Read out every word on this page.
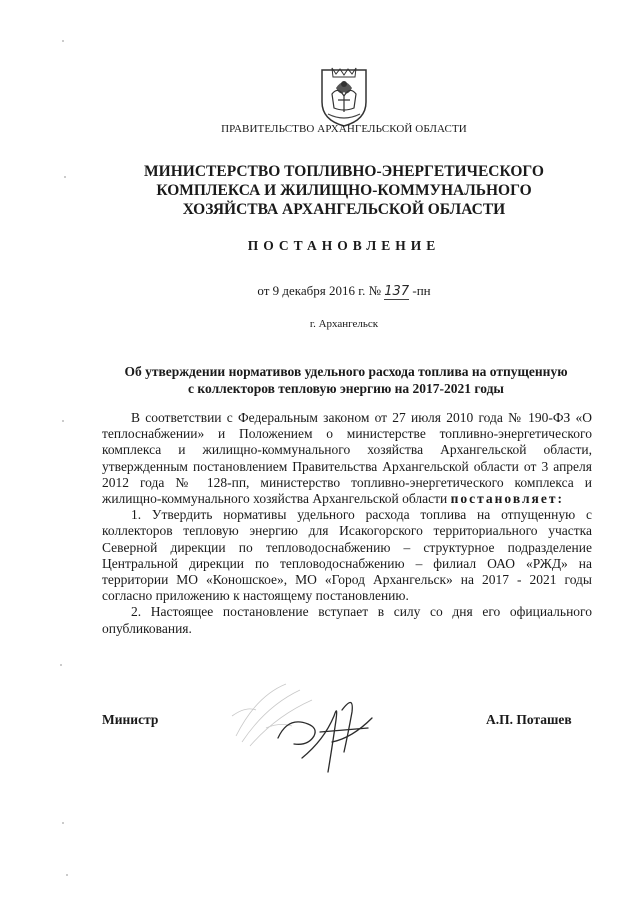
ПРАВИТЕЛЬСТВО АРХАНГЕЛЬСКОЙ ОБЛАСТИ
МИНИСТЕРСТВО ТОПЛИВНО-ЭНЕРГЕТИЧЕСКОГО
КОМПЛЕКСА И ЖИЛИЩНО-КОММУНАЛЬНОГО
ХОЗЯЙСТВА АРХАНГЕЛЬСКОЙ ОБЛАСТИ
ПОСТАНОВЛЕНИЕ
от 9 декабря 2016 г. № 137 -пн
г. Архангельск
Об утверждении нормативов удельного расхода топлива на отпущенную
с коллекторов тепловую энергию на 2017-2021 годы

В соответствии с Федеральным законом от 27 июля 2010 года № 190-ФЗ «О теплоснабжении» и Положением о министерстве топливно-энергетического комплекса и жилищно-коммунального хозяйства Архангельской области, утвержденным постановлением Правительства Архангельской области от 3 апреля 2012 года № 128-пп, министерство топливно-энергетического комплекса и жилищно-коммунального хозяйства Архангельской области постановляет:

1. Утвердить нормативы удельного расхода топлива на отпущенную с коллекторов тепловую энергию для Исакогорского территориального участка Северной дирекции по тепловодоснабжению – структурное подразделение Центральной дирекции по тепловодоснабжению – филиал ОАО «РЖД» на территории МО «Коношское», МО «Город Архангельск» на 2017 - 2021 годы согласно приложению к настоящему постановлению.

2. Настоящее постановление вступает в силу со дня его официального опубликования.

Министр	А.П. Поташев
